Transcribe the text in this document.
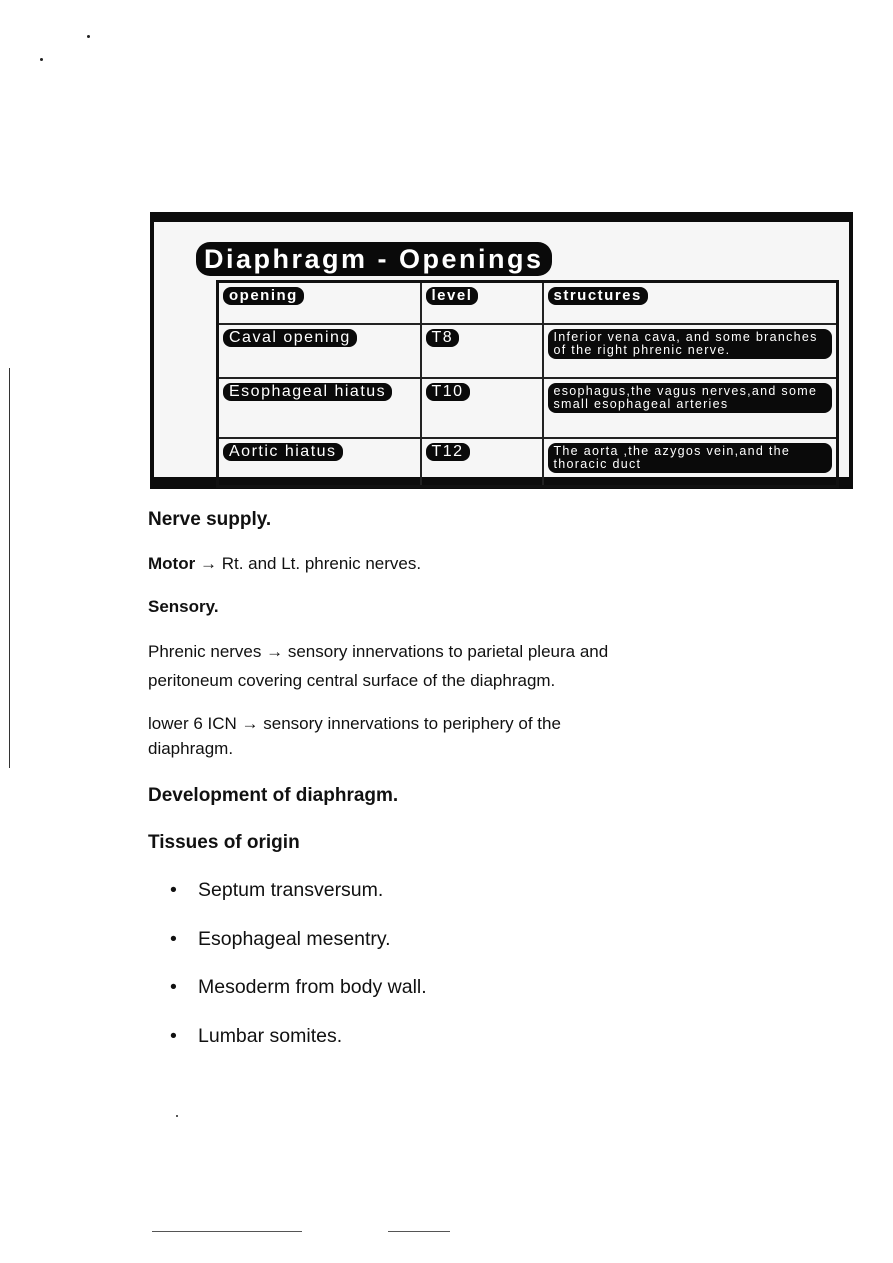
Diaphragm - Openings
opening	level	structures
Caval opening	T8	Inferior vena cava, and some branches of the right phrenic nerve.
Esophageal hiatus	T10	esophagus,the vagus nerves,and some small esophageal arteries
Aortic hiatus	T12	The aorta ,the azygos vein,and the thoracic duct
Nerve supply.
Motor → Rt. and Lt. phrenic nerves.
Sensory.
Phrenic nerves → sensory innervations to parietal pleura and
peritoneum covering central surface of the diaphragm.
lower 6 ICN → sensory innervations to periphery of the
diaphragm.
Development of diaphragm.
Tissues of origin
• Septum transversum.
• Esophageal mesentry.
• Mesoderm from body wall.
• Lumbar somites.
